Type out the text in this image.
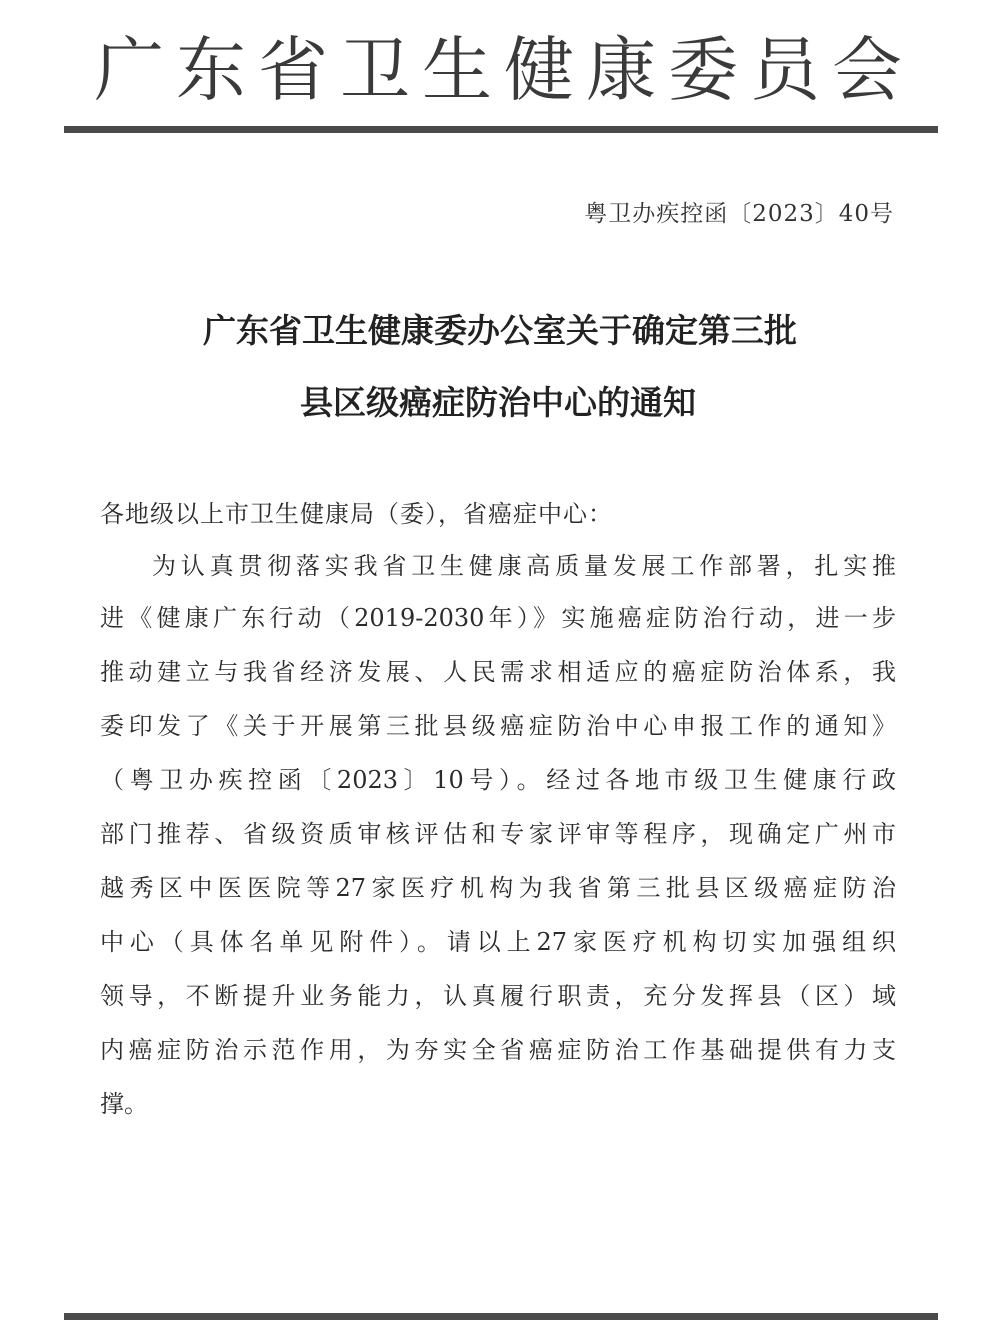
广东省卫生健康委员会
粤卫办疾控函〔2023〕40号
广东省卫生健康委办公室关于确定第三批
县区级癌症防治中心的通知
各地级以上市卫生健康局（委），省癌症中心：
为认真贯彻落实我省卫生健康高质量发展工作部署，扎实推
进《健康广东行动（2019-2030年）》实施癌症防治行动，进一步
推动建立与我省经济发展、人民需求相适应的癌症防治体系，我
委印发了《关于开展第三批县级癌症防治中心申报工作的通知》
（粤卫办疾控函〔2023〕10号）。经过各地市级卫生健康行政
部门推荐、省级资质审核评估和专家评审等程序，现确定广州市
越秀区中医医院等27家医疗机构为我省第三批县区级癌症防治
中心（具体名单见附件）。请以上27家医疗机构切实加强组织
领导，不断提升业务能力，认真履行职责，充分发挥县（区）域
内癌症防治示范作用，为夯实全省癌症防治工作基础提供有力支
撑。
